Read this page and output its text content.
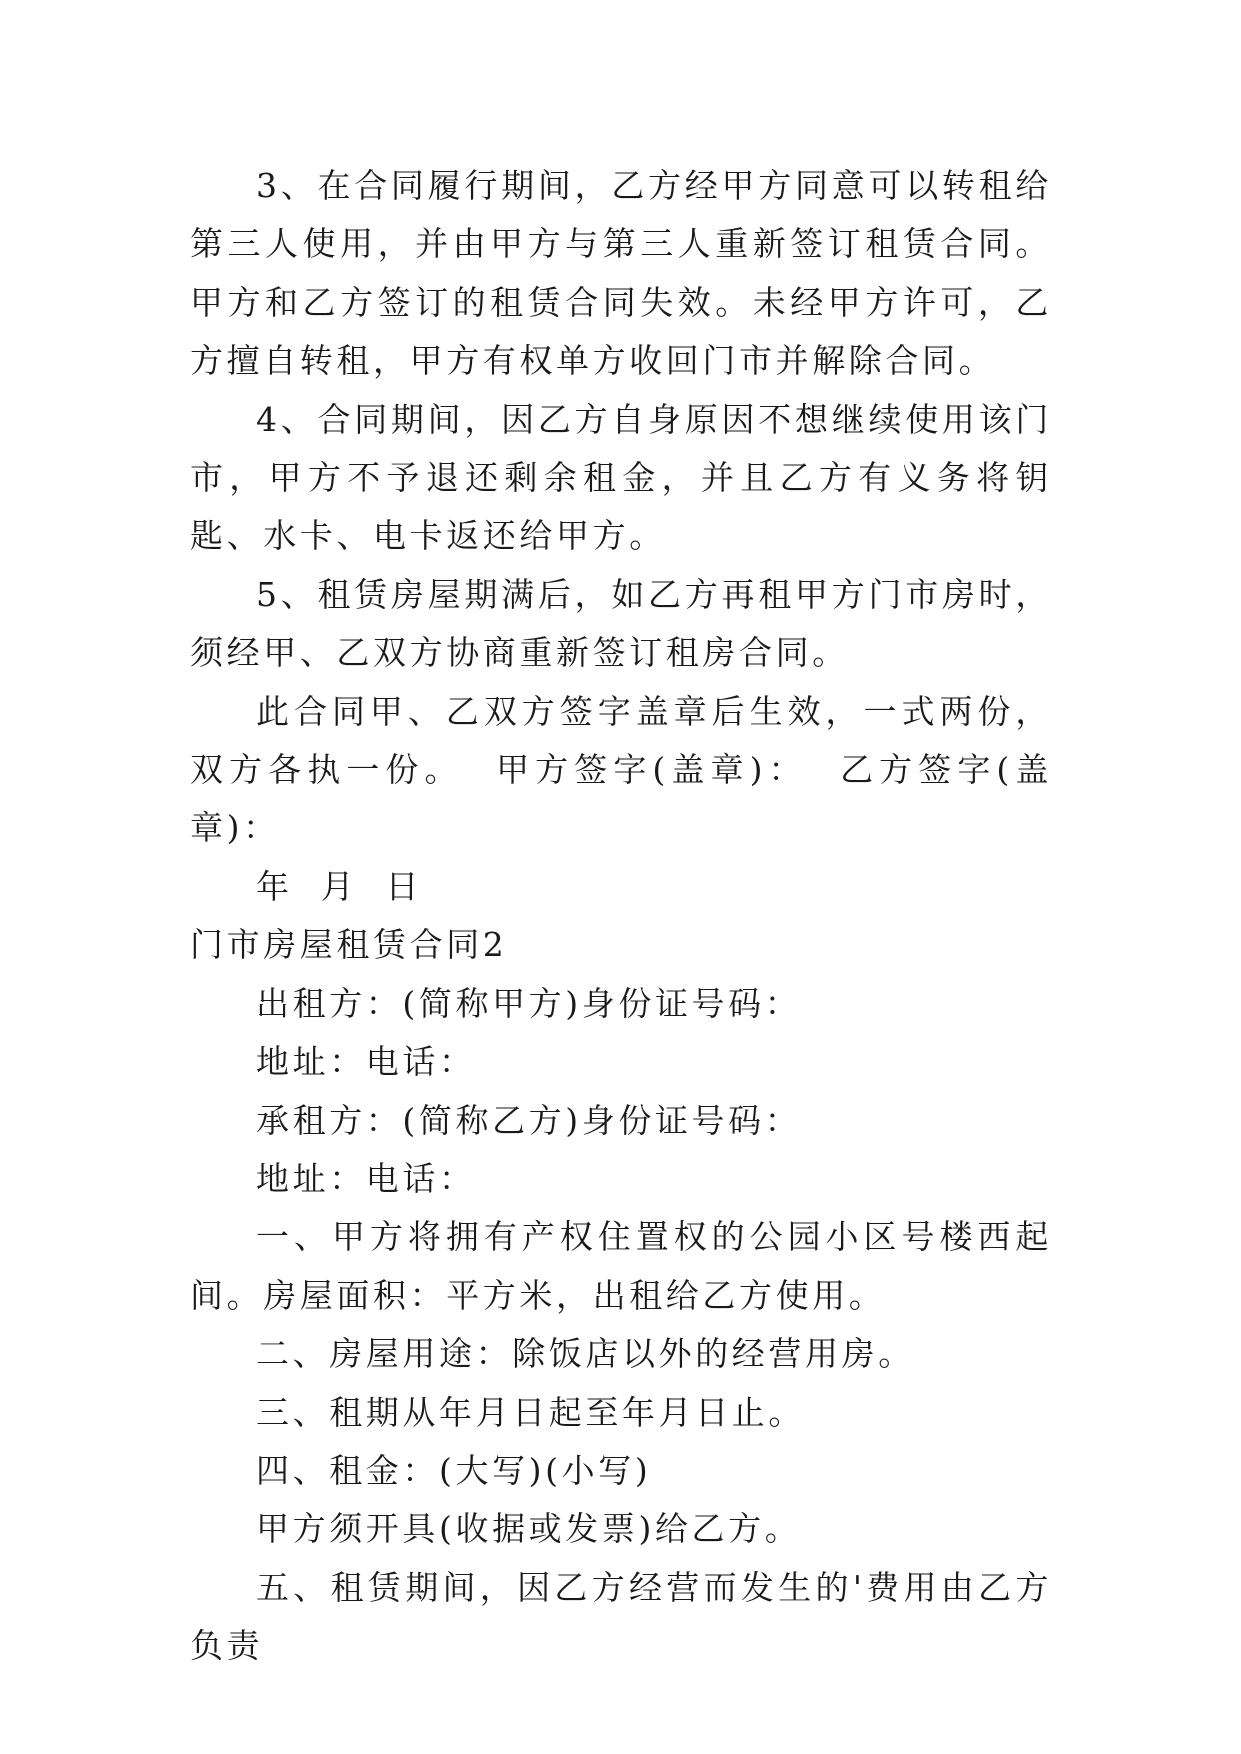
3、在合同履行期间，乙方经甲方同意可以转租给第三人使用，并由甲方与第三人重新签订租赁合同。甲方和乙方签订的租赁合同失效。未经甲方许可，乙方擅自转租，甲方有权单方收回门市并解除合同。

4、合同期间，因乙方自身原因不想继续使用该门市，甲方不予退还剩余租金，并且乙方有义务将钥匙、水卡、电卡返还给甲方。

5、租赁房屋期满后，如乙方再租甲方门市房时，须经甲、乙双方协商重新签订租房合同。

此合同甲、乙双方签字盖章后生效，一式两份，双方各执一份。 甲方签字(盖章)： 乙方签字(盖章)：

年  月  日

门市房屋租赁合同2

出租方：(简称甲方)身份证号码：

地址：电话：

承租方：(简称乙方)身份证号码：

地址：电话：

一、甲方将拥有产权住置权的公园小区号楼西起间。房屋面积：平方米，出租给乙方使用。

二、房屋用途：除饭店以外的经营用房。

三、租期从年月日起至年月日止。

四、租金：(大写)(小写)

甲方须开具(收据或发票)给乙方。

五、租赁期间，因乙方经营而发生的'费用由乙方负责
